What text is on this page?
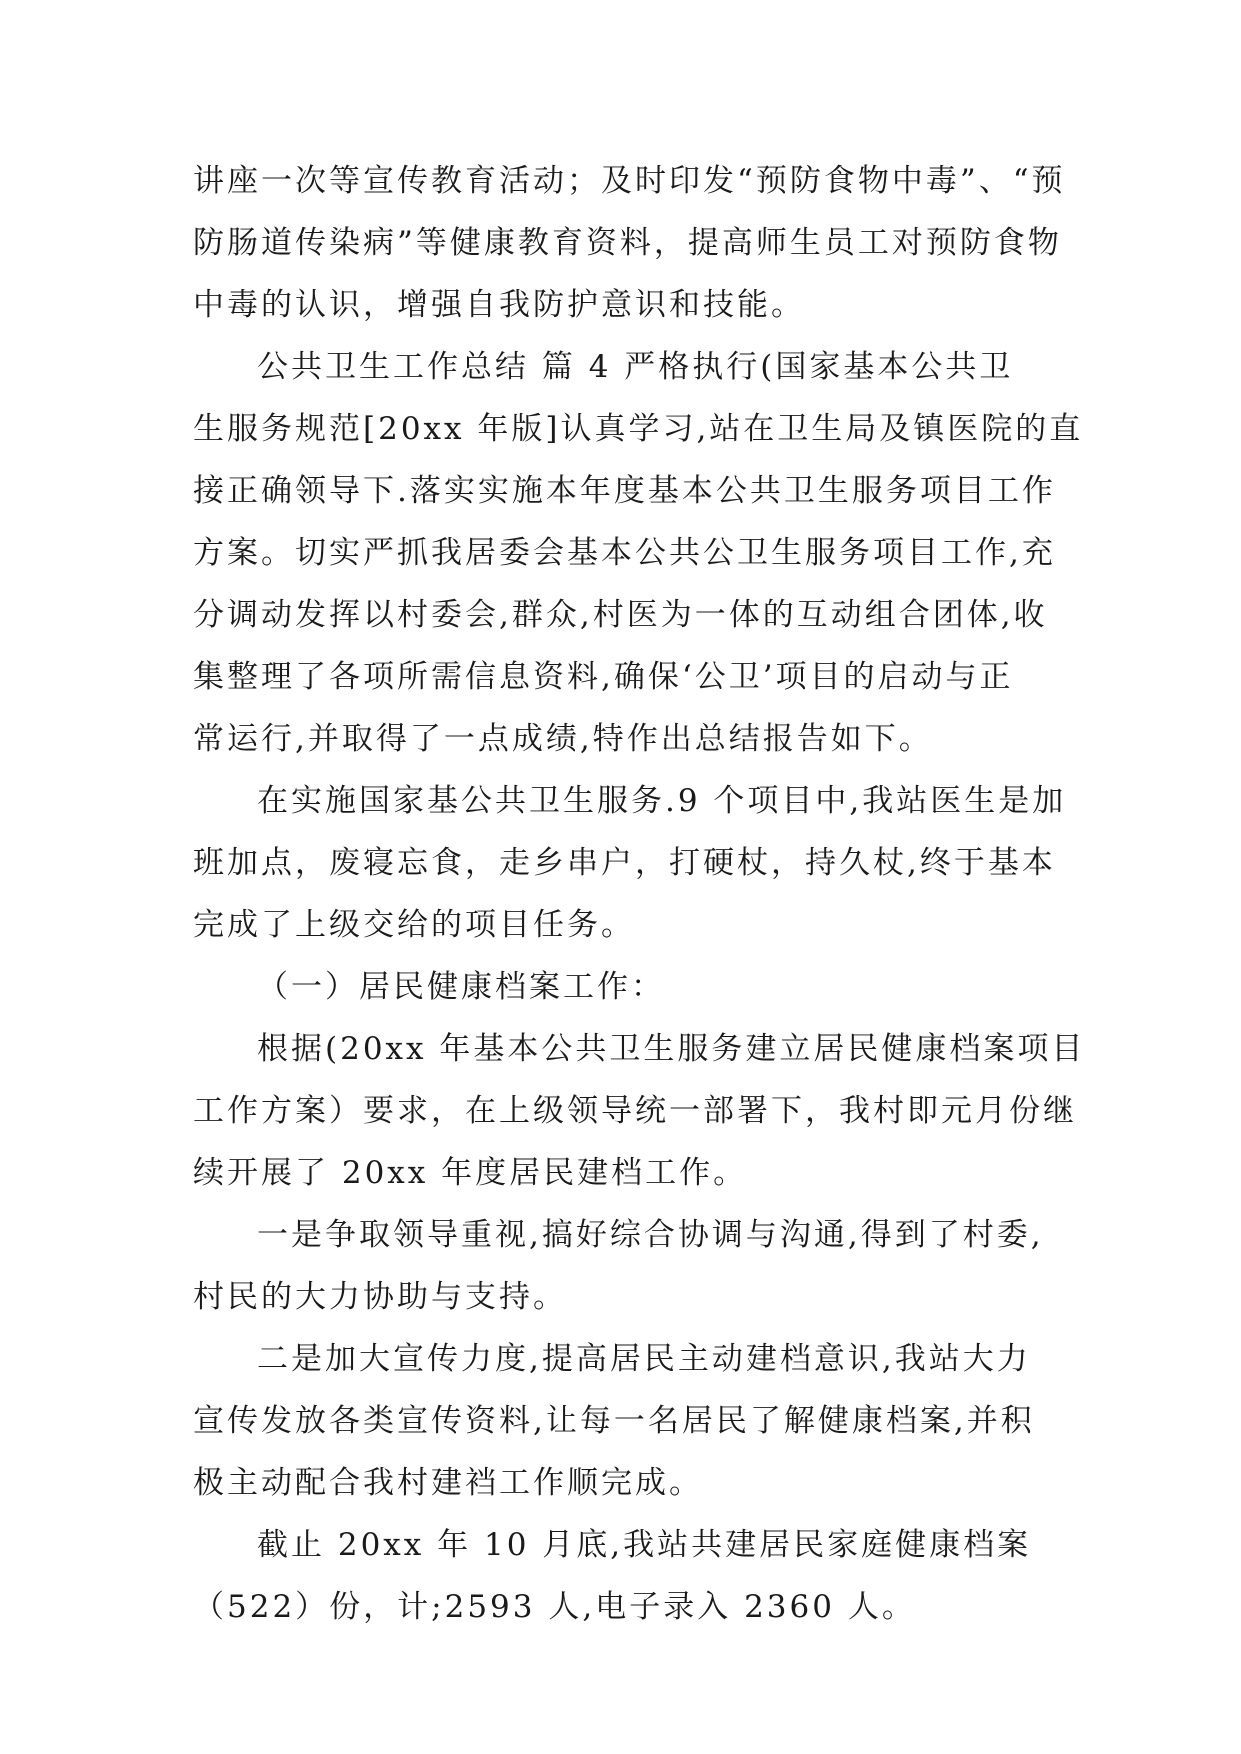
讲座一次等宣传教育活动；及时印发“预防食物中毒”、“预
防肠道传染病”等健康教育资料，提高师生员工对预防食物
中毒的认识，增强自我防护意识和技能。
公共卫生工作总结 篇 4 严格执行(国家基本公共卫
生服务规范[20xx 年版]认真学习,站在卫生局及镇医院的直
接正确领导下.落实实施本年度基本公共卫生服务项目工作
方案。切实严抓我居委会基本公共公卫生服务项目工作,充
分调动发挥以村委会,群众,村医为一体的互动组合团体,收
集整理了各项所需信息资料,确保‘公卫’项目的启动与正
常运行,并取得了一点成绩,特作出总结报告如下。
在实施国家基公共卫生服务.9 个项目中,我站医生是加
班加点，废寝忘食，走乡串户，打硬杖，持久杖,终于基本
完成了上级交给的项目任务。
（一）居民健康档案工作：
根据(20xx 年基本公共卫生服务建立居民健康档案项目
工作方案）要求，在上级领导统一部署下，我村即元月份继
续开展了 20xx 年度居民建档工作。
一是争取领导重视,搞好综合协调与沟通,得到了村委,
村民的大力协助与支持。
二是加大宣传力度,提高居民主动建档意识,我站大力
宣传发放各类宣传资料,让每一名居民了解健康档案,并积
极主动配合我村建裆工作顺完成。
截止 20xx 年 10 月底,我站共建居民家庭健康档案
（522）份，计;2593 人,电子录入 2360 人。
